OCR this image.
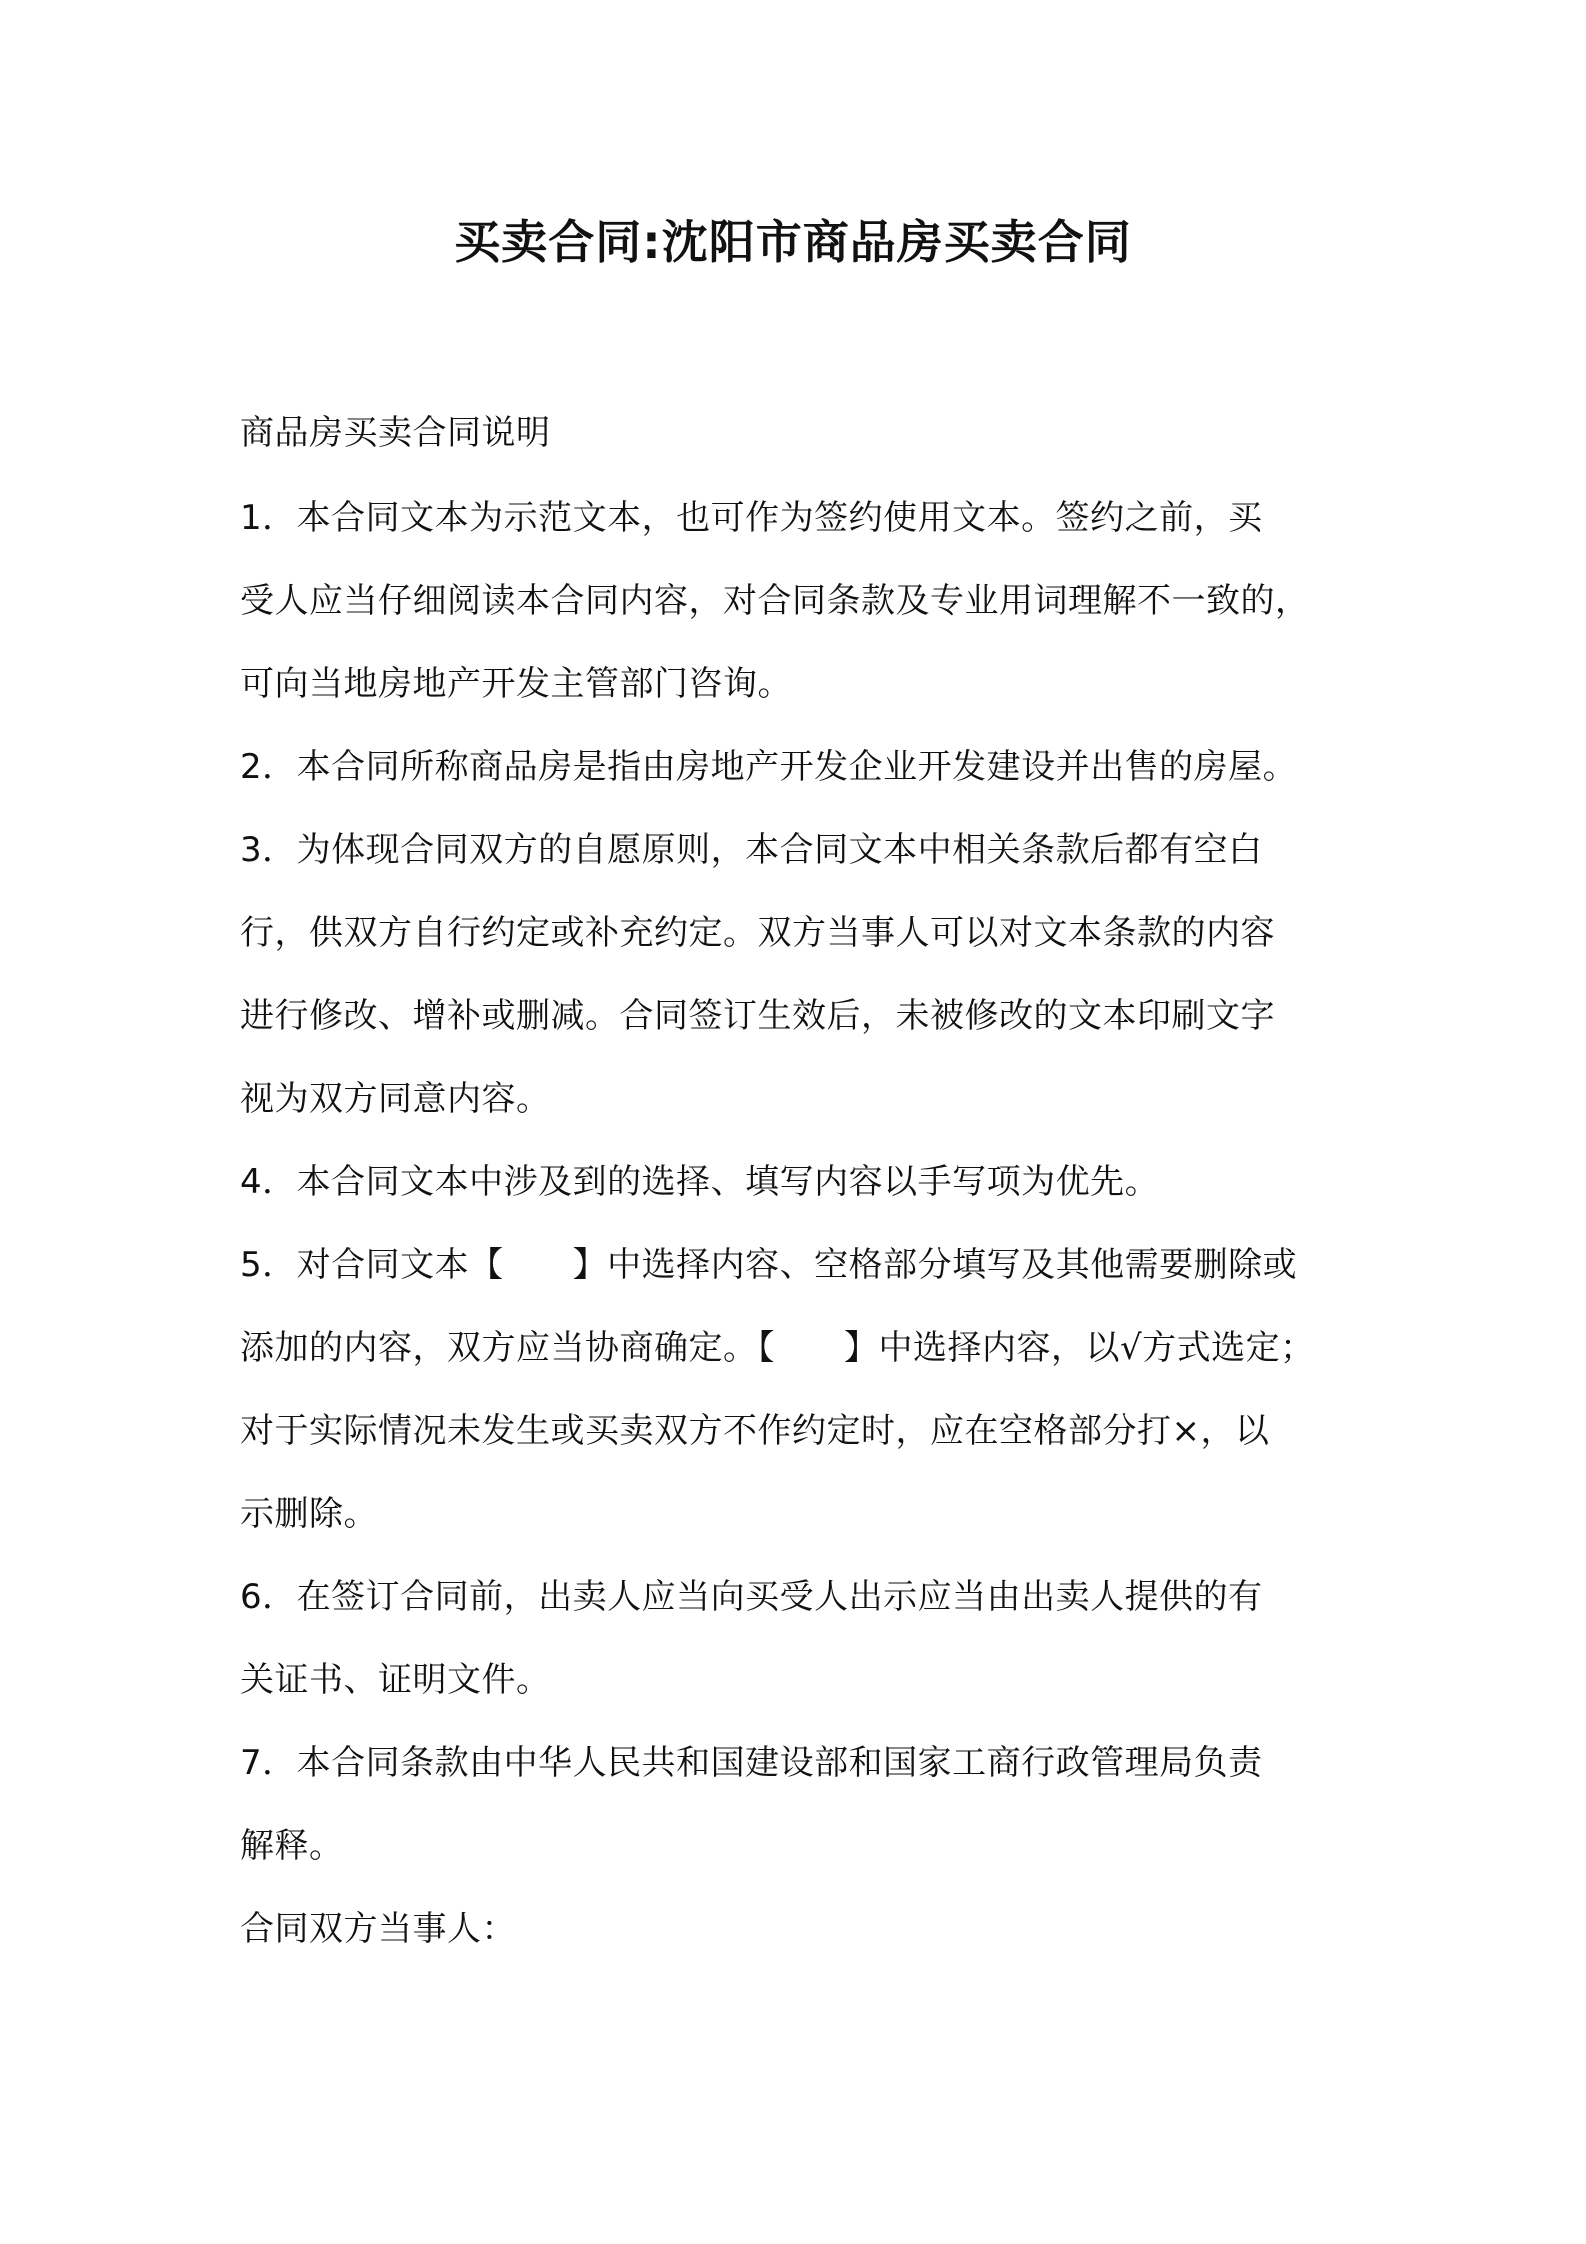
买卖合同:沈阳市商品房买卖合同
商品房买卖合同说明
1．本合同文本为示范文本，也可作为签约使用文本。签约之前，买
受人应当仔细阅读本合同内容，对合同条款及专业用词理解不一致的，
可向当地房地产开发主管部门咨询。
2．本合同所称商品房是指由房地产开发企业开发建设并出售的房屋。
3．为体现合同双方的自愿原则，本合同文本中相关条款后都有空白
行，供双方自行约定或补充约定。双方当事人可以对文本条款的内容
进行修改、增补或删减。合同签订生效后，未被修改的文本印刷文字
视为双方同意内容。
4．本合同文本中涉及到的选择、填写内容以手写项为优先。
5．对合同文本【　　】中选择内容、空格部分填写及其他需要删除或
添加的内容，双方应当协商确定。【　　】中选择内容，以√方式选定；
对于实际情况未发生或买卖双方不作约定时，应在空格部分打×，以
示删除。
6．在签订合同前，出卖人应当向买受人出示应当由出卖人提供的有
关证书、证明文件。
7．本合同条款由中华人民共和国建设部和国家工商行政管理局负责
解释。
合同双方当事人：
